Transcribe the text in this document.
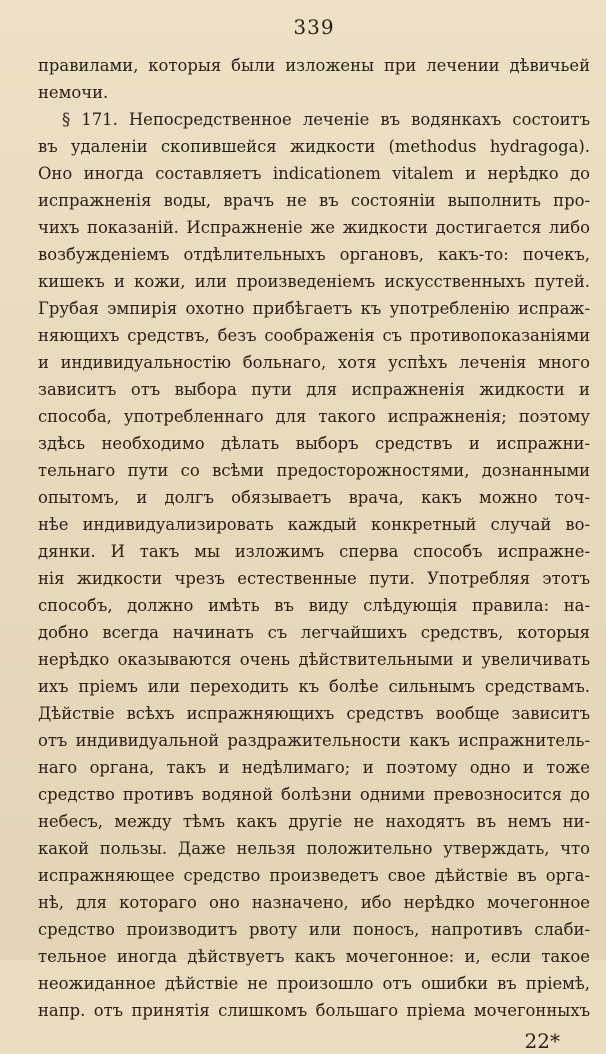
339
правилами, которыя были изложены при лечении дѣвичьей
немочи.
§ 171. Непосредственное леченіе въ водянкахъ состоитъ
въ удаленіи скопившейся жидкости (methodus hydragoga).
Оно иногда составляетъ indicationem vitalem и нерѣдко до
испражненія воды, врачъ не въ состояніи выполнить про-
чихъ показаній. Испражненіе же жидкости достигается либо
возбужденіемъ отдѣлительныхъ органовъ, какъ-то: почекъ,
кишекъ и кожи, или произведеніемъ искусственныхъ путей.
Грубая эмпирія охотно прибѣгаетъ къ употребленію испраж-
няющихъ средствъ, безъ соображенія съ противопоказаніями
и индивидуальностію больнаго, хотя успѣхъ леченія много
зависитъ отъ выбора пути для испражненія жидкости и
способа, употребленнаго для такого испражненія; поэтому
здѣсь необходимо дѣлать выборъ средствъ и испражни-
тельнаго пути со всѣми предосторожностями, дознанными
опытомъ, и долгъ обязываетъ врача, какъ можно точ-
нѣе индивидуализировать каждый конкретный случай во-
дянки. И такъ мы изложимъ сперва способъ испражне-
нія жидкости чрезъ естественные пути. Употребляя этотъ
способъ, должно имѣть въ виду слѣдующія правила: на-
добно всегда начинать съ легчайшихъ средствъ, которыя
нерѣдко оказываются очень дѣйствительными и увеличивать
ихъ пріемъ или переходить къ болѣе сильнымъ средствамъ.
Дѣйствіе всѣхъ испражняющихъ средствъ вообще зависитъ
отъ индивидуальной раздражительности какъ испражнитель-
наго органа, такъ и недѣлимаго; и поэтому одно и тоже
средство противъ водяной болѣзни одними превозносится до
небесъ, между тѣмъ какъ другіе не находятъ въ немъ ни-
какой пользы. Даже нельзя положительно утверждать, что
испражняющее средство произведетъ свое дѣйствіе въ орга-
нѣ, для котораго оно назначено, ибо нерѣдко мочегонное
средство производитъ рвоту или поносъ, напротивъ слаби-
тельное иногда дѣйствуетъ какъ мочегонное: и, если такое
неожиданное дѣйствіе не произошло отъ ошибки въ пріемѣ,
напр. отъ принятія слишкомъ большаго пріема мочегонныхъ
22*
